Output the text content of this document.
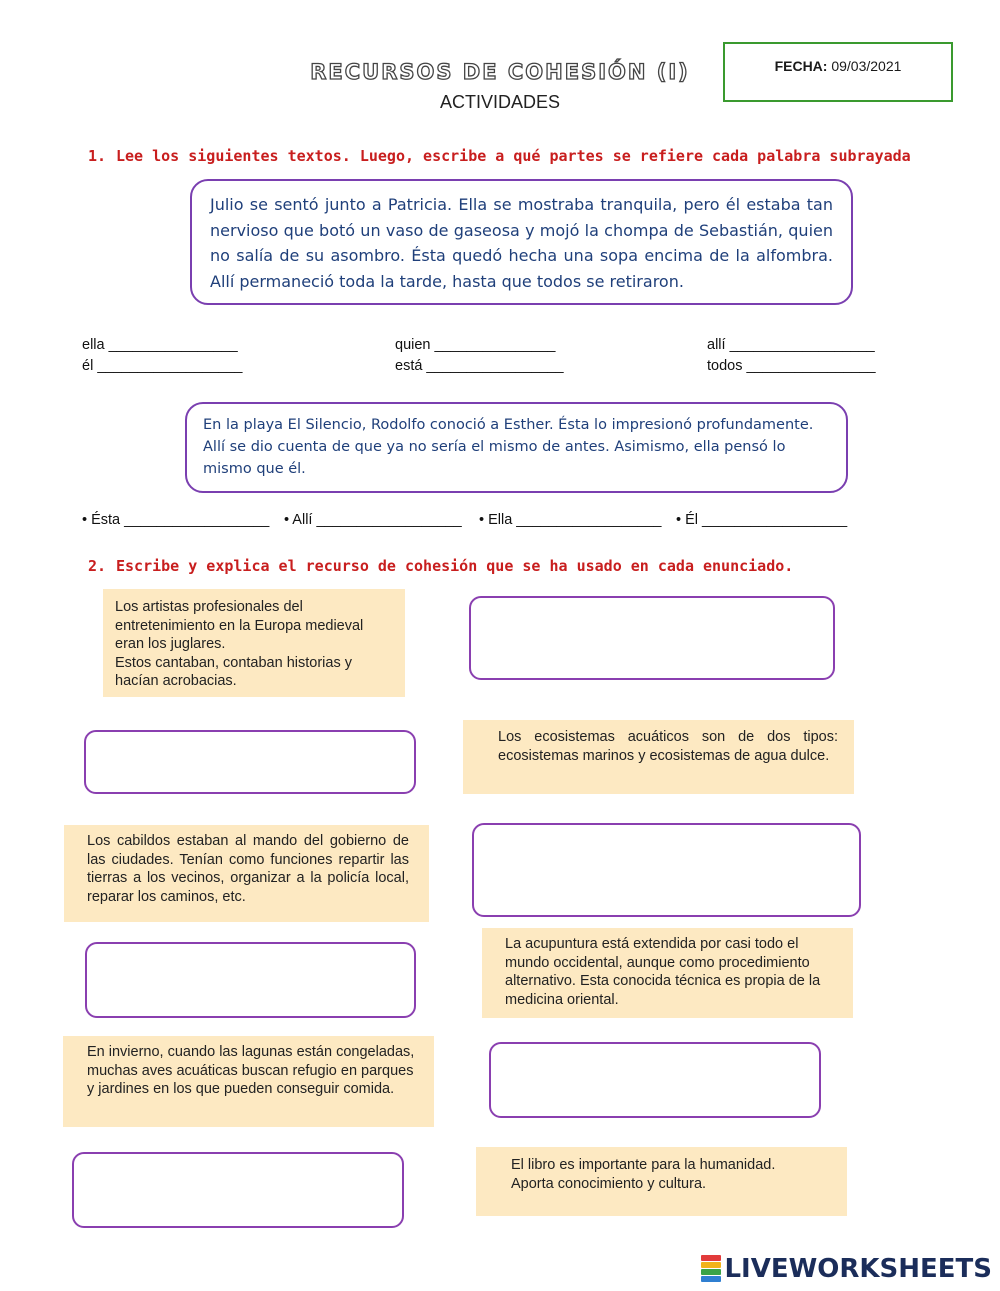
RECURSOS DE COHESIÓN (I)
ACTIVIDADES
FECHA: 09/03/2021
1. Lee los siguientes textos. Luego, escribe a qué partes se refiere cada palabra subrayada
Julio se sentó junto a Patricia. Ella se mostraba tranquila, pero él estaba tan nervioso que botó un vaso de gaseosa y mojó la chompa de Sebastián, quien no salía de su asombro. Ésta quedó hecha una sopa encima de la alfombra. Allí permaneció toda la tarde, hasta que todos se retiraron.
ella ________________	quien _______________	allí __________________
él __________________	está _________________	todos ________________
En la playa El Silencio, Rodolfo conoció a Esther. Ésta lo impresionó profundamente. Allí se dio cuenta de que ya no sería el mismo de antes. Asimismo, ella pensó lo mismo que él.
• Ésta __________________ • Allí __________________ • Ella __________________ • Él __________________
2. Escribe y explica el recurso de cohesión que se ha usado en cada enunciado.
Los artistas profesionales del entretenimiento en la Europa medieval eran los juglares.
Estos cantaban, contaban historias y hacían acrobacias.
Los ecosistemas acuáticos son de dos tipos: ecosistemas marinos y ecosistemas de agua dulce.
Los cabildos estaban al mando del gobierno de las ciudades. Tenían como funciones repartir las tierras a los vecinos, organizar a la policía local, reparar los caminos, etc.
La acupuntura está extendida por casi todo el mundo occidental, aunque como procedimiento alternativo. Esta conocida técnica es propia de la medicina oriental.
En invierno, cuando las lagunas están congeladas, muchas aves acuáticas buscan refugio en parques y jardines en los que pueden conseguir comida.
El libro es importante para la humanidad.
Aporta conocimiento y cultura.
LIVEWORKSHEETS
